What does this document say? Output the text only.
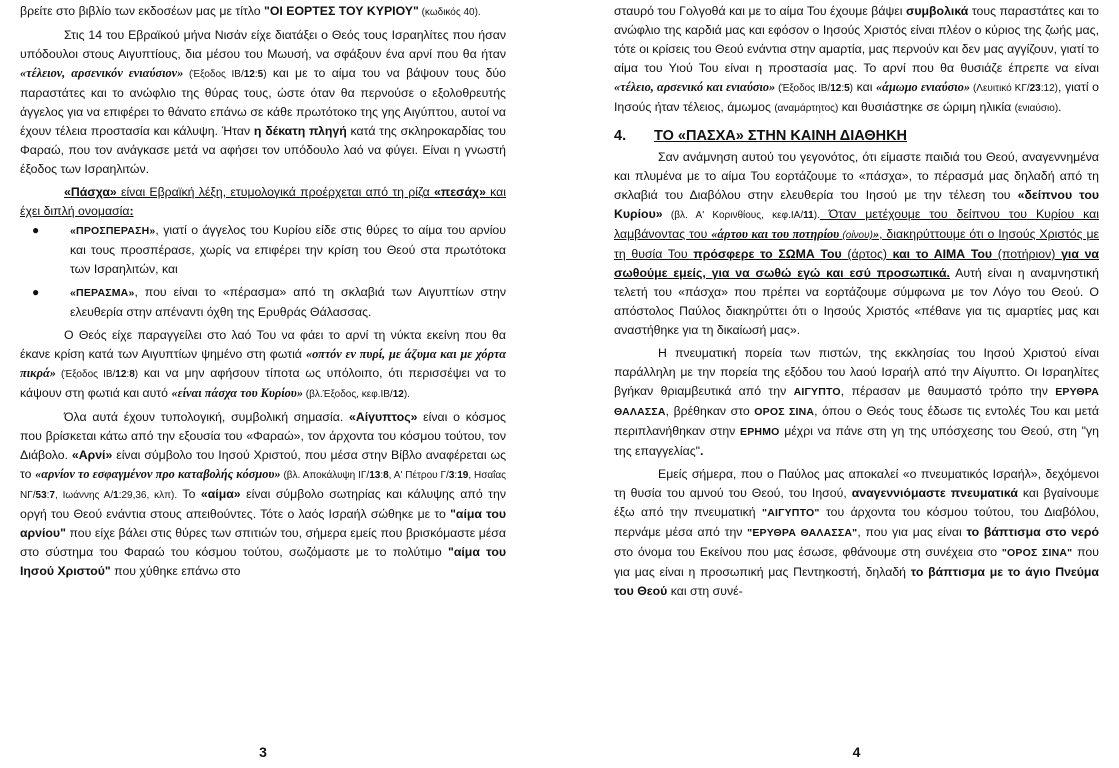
βρείτε στο βιβλίο των εκδοσέων μας με τίτλο "ΟΙ ΕΟΡΤΕΣ ΤΟΥ ΚΥΡΙΟΥ" (κωδικός 40).

Στις 14 του Εβραϊκού μήνα Νισάν είχε διατάξει ο Θεός τους Ισραηλίτες που ήσαν υπόδουλοι στους Αιγυπτίους, δια μέσου του Μωυσή, να σφάξουν ένα αρνί που θα ήταν «τέλειον, αρσενικόν ενιαύσιον» (Έξοδος ΙΒ/12:5) και με το αίμα του να βάψουν τους δύο παραστάτες και το ανώφλιο της θύρας τους, ώστε όταν θα περνούσε ο εξολοθρευτής άγγελος για να επιφέρει το θάνατο επάνω σε κάθε πρωτότοκο της γης Αιγύπτου, αυτοί να έχουν τέλεια προστασία και κάλυψη. Ήταν η δέκατη πληγή κατά της σκληροκαρδίας του Φαραώ, που τον ανάγκασε μετά να αφήσει τον υπόδουλο λαό να φύγει. Είναι η γνωστή έξοδος των Ισραηλιτών.

«Πάσχα» είναι Εβραϊκή λέξη, ετυμολογικά προέρχεται από τη ρίζα «πεσάχ» και έχει διπλή ονομασία:

●	«ΠΡΟΣΠΕΡΑΣΗ», γιατί ο άγγελος του Κυρίου είδε στις θύρες το αίμα του αρνίου και τους προσπέρασε, χωρίς να επιφέρει την κρίση του Θεού στα πρωτότοκα των Ισραηλιτών, και
●	«ΠΕΡΑΣΜΑ», που είναι το «πέρασμα» από τη σκλαβιά των Αιγυπτίων στην ελευθερία στην απέναντι όχθη της Ερυθράς Θάλασσας.

Ο Θεός είχε παραγγείλει στο λαό Του να φάει το αρνί τη νύκτα εκείνη που θα έκανε κρίση κατά των Αιγυπτίων ψημένο στη φωτιά «οπτόν εν πυρί, με άζυμα και με χόρτα πικρά» (Έξοδος ΙΒ/12:8) και να μην αφήσουν τίποτα ως υπόλοιπο, ότι περισσέψει να το κάψουν στη φωτιά και αυτό «είναι πάσχα του Κυρίου» (βλ.Έξοδος, κεφ.ΙΒ/12).

Όλα αυτά έχουν τυπολογική, συμβολική σημασία. «Αίγυπτος» είναι ο κόσμος που βρίσκεται κάτω από την εξουσία του «Φαραώ», τον άρχοντα του κόσμου τούτου, τον Διάβολο. «Αρνί» είναι σύμβολο του Ιησού Χριστού, που μέσα στην Βίβλο αναφέρεται ως το «αρνίον το εσφαγμένον προ καταβολής κόσμου» (βλ. Αποκάλυψη ΙΓ/13:8, Α' Πέτρου Γ/3:19, Ησαΐας ΝΓ/53:7, Ιωάννης Α/1:29,36, κλπ). Το «αίμα» είναι σύμβολο σωτηρίας και κάλυψης από την οργή του Θεού ενάντια στους απειθούντες. Τότε ο λαός Ισραήλ σώθηκε με το "αίμα του αρνίου" που είχε βάλει στις θύρες των σπιτιών του, σήμερα εμείς που βρισκόμαστε μέσα στο σύστημα του Φαραώ του κόσμου τούτου, σωζόμαστε με το πολύτιμο "αίμα του Ιησού Χριστού" που χύθηκε επάνω στο

3

σταυρό του Γολγοθά και με το αίμα Του έχουμε βάψει συμβολικά τους παραστάτες και το ανώφλιο της καρδιά μας και εφόσον ο Ιησούς Χριστός είναι πλέον ο κύριος της ζωής μας, τότε οι κρίσεις του Θεού ενάντια στην αμαρτία, μας περνούν και δεν μας αγγίζουν, γιατί το αίμα του Υιού Του είναι η προστασία μας. Το αρνί που θα θυσιάζε έπρεπε να είναι «τέλειο, αρσενικό και ενιαύσιο» (Έξοδος ΙΒ/12:5) και «άμωμο ενιαύσιο» (Λευιτικό ΚΓ/23:12), γιατί ο Ιησούς ήταν τέλειος, άμωμος (αναμάρτητος) και θυσιάστηκε σε ώριμη ηλικία (ενιαύσιο).

4. ΤΟ «ΠΑΣΧΑ» ΣΤΗΝ ΚΑΙΝΗ ΔΙΑΘΗΚΗ

Σαν ανάμνηση αυτού του γεγονότος, ότι είμαστε παιδιά του Θεού, αναγεννημένα και πλυμένα με το αίμα Του εορτάζουμε το «πάσχα», το πέρασμά μας δηλαδή από τη σκλαβιά του Διαβόλου στην ελευθερία του Ιησού με την τέλεση του «δείπνου του Κυρίου» (βλ. Α' Κορινθίους, κεφ.ΙΑ/11). Όταν μετέχουμε του δείπνου του Κυρίου και λαμβάνοντας του «άρτου και του ποτηρίου (οίνου)», διακηρύττουμε ότι ο Ιησούς Χριστός με τη θυσία Του πρόσφερε το ΣΩΜΑ Του (άρτος) και το ΑΙΜΑ Του (ποτήριον) για να σωθούμε εμείς, για να σωθώ εγώ και εσύ προσωπικά. Αυτή είναι η αναμνηστική τελετή του «πάσχα» που πρέπει να εορτάζουμε σύμφωνα με τον Λόγο του Θεού. Ο απόστολος Παύλος διακηρύττει ότι ο Ιησούς Χριστός «πέθανε για τις αμαρτίες μας και αναστήθηκε για τη δικαίωσή μας».

Η πνευματική πορεία των πιστών, της εκκλησίας του Ιησού Χριστού είναι παράλληλη με την πορεία της εξόδου του λαού Ισραήλ από την Αίγυπτο. Οι Ισραηλίτες βγήκαν θριαμβευτικά από την ΑΙΓΥΠΤΟ, πέρασαν με θαυμαστό τρόπο την ΕΡΥΘΡΑ ΘΑΛΑΣΣΑ, βρέθηκαν στο ΟΡΟΣ ΣΙΝΑ, όπου ο Θεός τους έδωσε τις εντολές Του και μετά περιπλανήθηκαν στην ΕΡΗΜΟ μέχρι να πάνε στη γη της υπόσχεσης του Θεού, στη "γη της επαγγελίας".

Εμείς σήμερα, που ο Παύλος μας αποκαλεί «ο πνευματικός Ισραήλ», δεχόμενοι τη θυσία του αμνού του Θεού, του Ιησού, αναγεννιόμαστε πνευματικά και βγαίνουμε έξω από την πνευματική "ΑΙΓΥΠΤΟ" του άρχοντα του κόσμου τούτου, του Διαβόλου, περνάμε μέσα από την "ΕΡΥΘΡΑ ΘΑΛΑΣΣΑ", που για μας είναι το βάπτισμα στο νερό στο όνομα του Εκείνου που μας έσωσε, φθάνουμε στη συνέχεια στο "ΟΡΟΣ ΣΙΝΑ" που για μας είναι η προσωπική μας Πεντηκοστή, δηλαδή το βάπτισμα με το άγιο Πνεύμα του Θεού και στη συνέ-

4
